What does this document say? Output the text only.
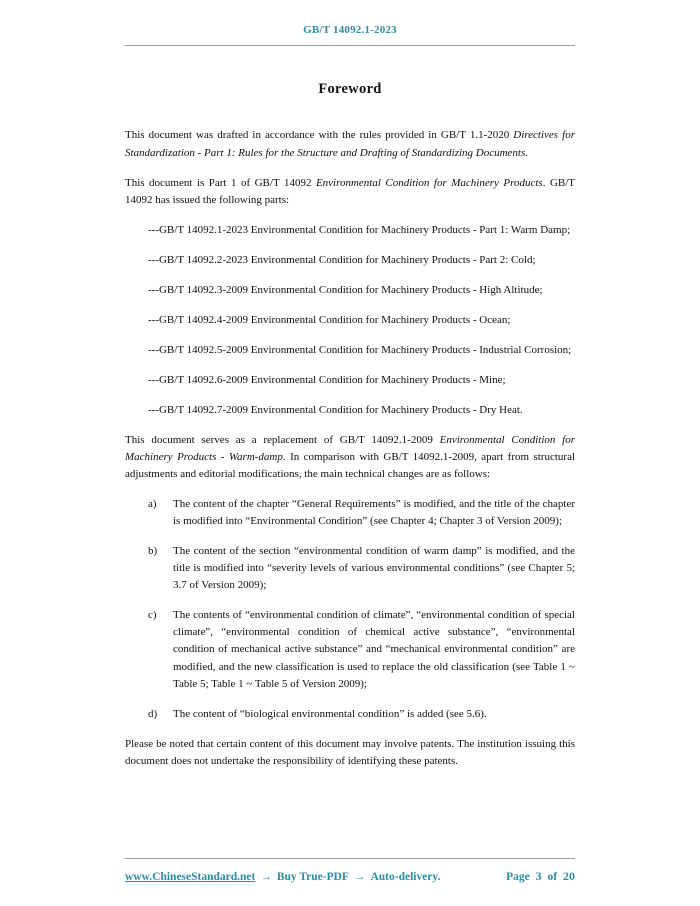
GB/T 14092.1-2023
Foreword

This document was drafted in accordance with the rules provided in GB/T 1.1-2020 Directives for Standardization - Part 1: Rules for the Structure and Drafting of Standardizing Documents.

This document is Part 1 of GB/T 14092 Environmental Condition for Machinery Products. GB/T 14092 has issued the following parts:

---GB/T 14092.1-2023 Environmental Condition for Machinery Products - Part 1: Warm Damp;
---GB/T 14092.2-2023 Environmental Condition for Machinery Products - Part 2: Cold;
---GB/T 14092.3-2009 Environmental Condition for Machinery Products - High Altitude;
---GB/T 14092.4-2009 Environmental Condition for Machinery Products - Ocean;
---GB/T 14092.5-2009 Environmental Condition for Machinery Products - Industrial Corrosion;
---GB/T 14092.6-2009 Environmental Condition for Machinery Products - Mine;
---GB/T 14092.7-2009 Environmental Condition for Machinery Products - Dry Heat.

This document serves as a replacement of GB/T 14092.1-2009 Environmental Condition for Machinery Products - Warm-damp. In comparison with GB/T 14092.1-2009, apart from structural adjustments and editorial modifications, the main technical changes are as follows:

a)	The content of the chapter “General Requirements” is modified, and the title of the chapter is modified into “Environmental Condition” (see Chapter 4; Chapter 3 of Version 2009);
b)	The content of the section “environmental condition of warm damp” is modified, and the title is modified into “severity levels of various environmental conditions” (see Chapter 5; 3.7 of Version 2009);
c)	The contents of “environmental condition of climate”, “environmental condition of special climate”, “environmental condition of chemical active substance”, “environmental condition of mechanical active substance” and “mechanical environmental condition” are modified, and the new classification is used to replace the old classification (see Table 1 ~ Table 5; Table 1 ~ Table 5 of Version 2009);
d)	The content of “biological environmental condition” is added (see 5.6).

Please be noted that certain content of this document may involve patents. The institution issuing this document does not undertake the responsibility of identifying these patents.

www.ChineseStandard.net → Buy True-PDF → Auto-delivery.	Page 3 of 20
